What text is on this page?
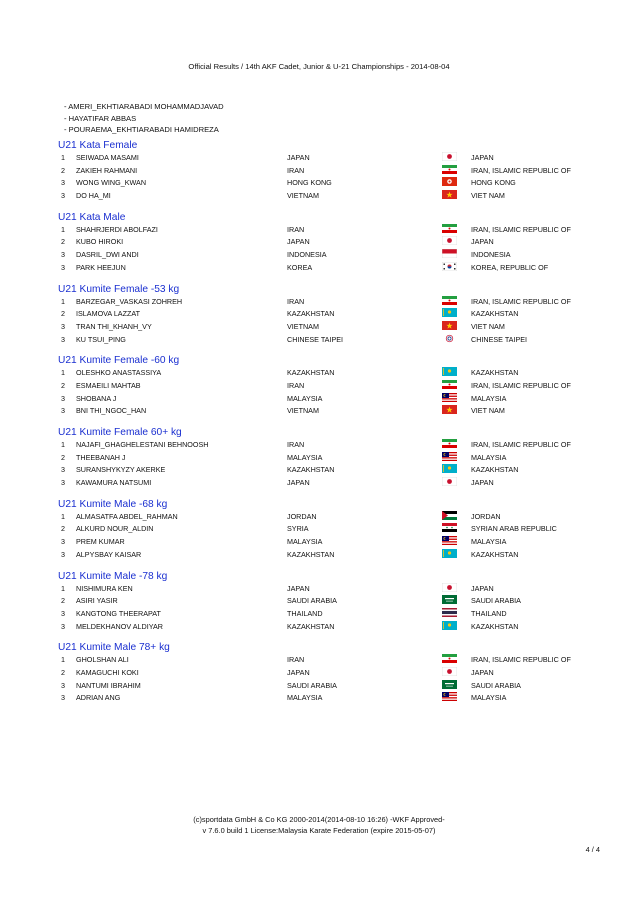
Official Results / 14th AKF Cadet, Junior & U-21 Championships - 2014-08-04
- AMERI_EKHTIARABADI MOHAMMADJAVAD
- HAYATIFAR ABBAS
- POURAEMA_EKHTIARABADI HAMIDREZA
U21 Kata Female
1 SEIWADA MASAMI	JAPAN	JAPAN
2 ZAKIEH RAHMANI	IRAN	IRAN, ISLAMIC REPUBLIC OF
3 WONG WING_KWAN	HONG KONG	HONG KONG
3 DO HA_MI	VIETNAM	VIET NAM
U21 Kata Male
1 SHAHRJERDI ABOLFAZI	IRAN	IRAN, ISLAMIC REPUBLIC OF
2 KUBO HIROKI	JAPAN	JAPAN
3 DASRIL_DWI ANDI	INDONESIA	INDONESIA
3 PARK HEEJUN	KOREA	KOREA, REPUBLIC OF
U21 Kumite Female -53 kg
1 BARZEGAR_VASKASI ZOHREH	IRAN	IRAN, ISLAMIC REPUBLIC OF
2 ISLAMOVA LAZZAT	KAZAKHSTAN	KAZAKHSTAN
3 TRAN THI_KHANH_VY	VIETNAM	VIET NAM
3 KU TSUI_PING	CHINESE TAIPEI	CHINESE TAIPEI
U21 Kumite Female -60 kg
1 OLESHKO ANASTASSIYA	KAZAKHSTAN	KAZAKHSTAN
2 ESMAEILI MAHTAB	IRAN	IRAN, ISLAMIC REPUBLIC OF
3 SHOBANA J	MALAYSIA	MALAYSIA
3 BNI THI_NGOC_HAN	VIETNAM	VIET NAM
U21 Kumite Female 60+ kg
1 NAJAFI_GHAGHELESTANI BEHNOOSH	IRAN	IRAN, ISLAMIC REPUBLIC OF
2 THEEBANAH J	MALAYSIA	MALAYSIA
3 SURANSHYKYZY AKERKE	KAZAKHSTAN	KAZAKHSTAN
3 KAWAMURA NATSUMI	JAPAN	JAPAN
U21 Kumite Male -68 kg
1 ALMASATFA ABDEL_RAHMAN	JORDAN	JORDAN
2 ALKURD NOUR_ALDIN	SYRIA	SYRIAN ARAB REPUBLIC
3 PREM KUMAR	MALAYSIA	MALAYSIA
3 ALPYSBAY KAISAR	KAZAKHSTAN	KAZAKHSTAN
U21 Kumite Male -78 kg
1 NISHIMURA KEN	JAPAN	JAPAN
2 ASIRI YASIR	SAUDI ARABIA	SAUDI ARABIA
3 KANGTONG THEERAPAT	THAILAND	THAILAND
3 MELDEKHANOV ALDIYAR	KAZAKHSTAN	KAZAKHSTAN
U21 Kumite Male 78+ kg
1 GHOLSHAN ALI	IRAN	IRAN, ISLAMIC REPUBLIC OF
2 KAMAGUCHI KOKI	JAPAN	JAPAN
3 NANTUMI IBRAHIM	SAUDI ARABIA	SAUDI ARABIA
3 ADRIAN ANG	MALAYSIA	MALAYSIA
(c)sportdata GmbH & Co KG 2000-2014(2014-08-10 16:26) -WKF Approved-
v 7.6.0 build 1 License:Malaysia Karate Federation (expire 2015-05-07)
4 / 4
